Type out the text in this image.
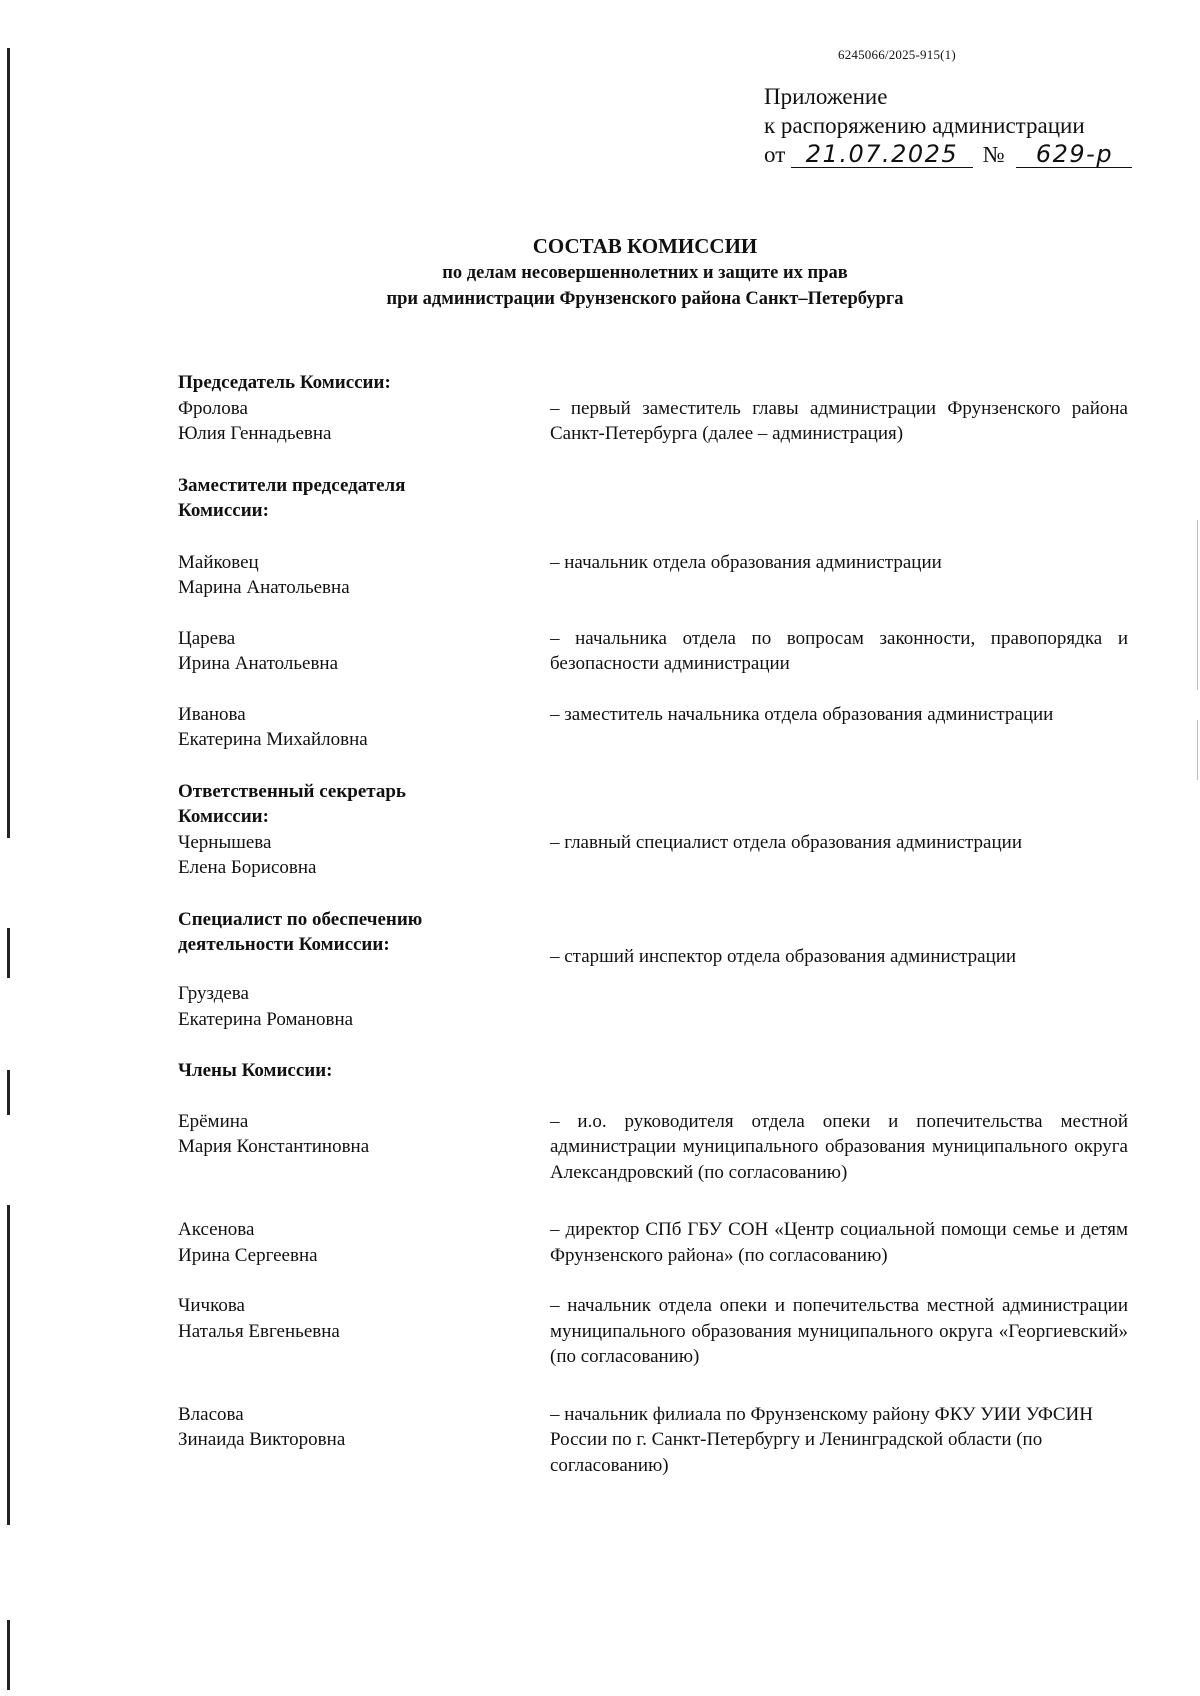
6245066/2025-915(1)
Приложение
к распоряжению администрации
от 21.07.2025 № 629-р
СОСТАВ КОМИССИИ
по делам несовершеннолетних и защите их прав
при администрации Фрунзенского района Санкт–Петербурга
Председатель Комиссии:
Фролова
Юлия Геннадьевна
– первый заместитель главы администрации Фрунзенского района Санкт-Петербурга (далее – администрация)
Заместители председателя
Комиссии:
Майковец
Марина Анатольевна
– начальник отдела образования администрации
Царева
Ирина Анатольевна
– начальника отдела по вопросам законности, правопорядка и безопасности администрации
Иванова
Екатерина Михайловна
– заместитель начальника отдела образования администрации
Ответственный секретарь
Комиссии:
Чернышева
Елена Борисовна
– главный специалист отдела образования администрации
Специалист по обеспечению
деятельности Комиссии:
– старший инспектор отдела образования администрации
Груздева
Екатерина Романовна
Члены Комиссии:
Ерёмина
Мария Константиновна
– и.о. руководителя отдела опеки и попечительства местной администрации муниципального образования муниципального округа Александровский (по согласованию)
Аксенова
Ирина Сергеевна
– директор СПб ГБУ СОН «Центр социальной помощи семье и детям Фрунзенского района» (по согласованию)
Чичкова
Наталья Евгеньевна
– начальник отдела опеки и попечительства местной администрации муниципального образования муниципального округа «Георгиевский» (по согласованию)
Власова
Зинаида Викторовна
– начальник филиала по Фрунзенскому району ФКУ УИИ УФСИН России по г. Санкт-Петербургу и Ленинградской области (по согласованию)
